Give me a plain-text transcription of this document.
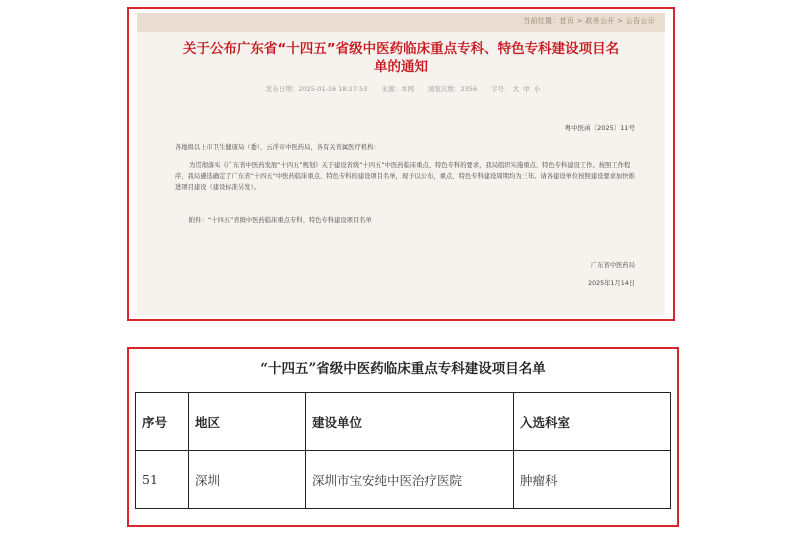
当前位置：首页 > 政务公开 > 公告公示
关于公布广东省“十四五”省级中医药临床重点专科、特色专科建设项目名单的通知
发布日期：2025-01-16 18:27:53 来源：本网 浏览次数：2356 字号： 大 中 小
粤中医函〔2025〕11号
各地级以上市卫生健康局（委），云浮市中医药局，各有关省属医疗机构：
为贯彻落实《广东省中医药发展“十四五”规划》关于建设省级“十四五”中医药临床重点、特色专科的要求，我局组织实施重点、特色专科建设工作。按照工作程序，我局遴选确定了广东省“十四五”中医药临床重点、特色专科的建设项目名单，现予以公布，重点、特色专科建设周期均为三年。请各建设单位按照建设要求加快推进项目建设（建设标准另发）。
附件：“十四五”省级中医药临床重点专科、特色专科建设项目名单
广东省中医药局
2025年1月14日
“十四五”省级中医药临床重点专科建设项目名单
序号	地区	建设单位	入选科室
51	深圳	深圳市宝安纯中医治疗医院	肿瘤科
